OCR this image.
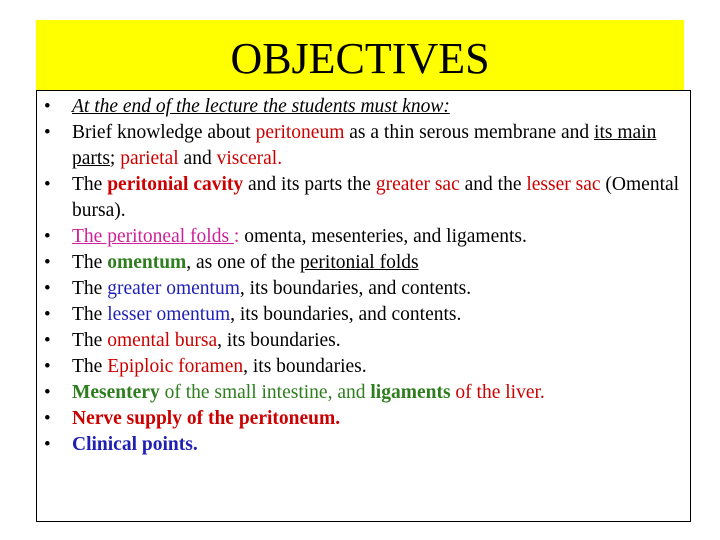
OBJECTIVES
• At the end of the lecture the students must know:
• Brief knowledge about peritoneum as a thin serous membrane and its main parts; parietal and visceral.
• The peritonial cavity and its parts the greater sac and the lesser sac (Omental bursa).
• The peritoneal folds : omenta, mesenteries, and ligaments.
• The omentum, as one of the peritonial folds
• The greater omentum, its boundaries, and contents.
• The lesser omentum, its boundaries, and contents.
• The omental bursa, its boundaries.
• The Epiploic foramen, its boundaries.
• Mesentery of the small intestine, and ligaments of the liver.
• Nerve supply of the peritoneum.
• Clinical points.
